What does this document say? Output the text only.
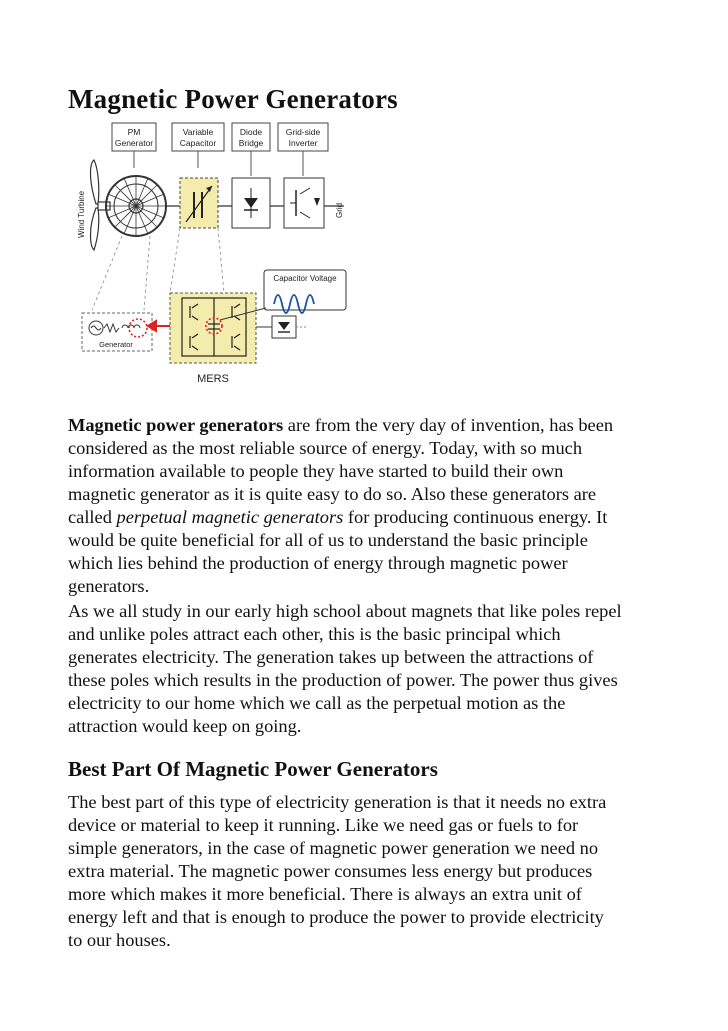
Magnetic Power Generators
PM
Generator
Variable
Capacitor
Diode
Bridge
Grid-side
Inverter
Wind Turbine	Grid
Generator
MERS
Capacitor Voltage

Magnetic power generators are from the very day of invention, has been
considered as the most reliable source of energy. Today, with so much
information available to people they have started to build their own
magnetic generator as it is quite easy to do so. Also these generators are
called perpetual magnetic generators for producing continuous energy. It
would be quite beneficial for all of us to understand the basic principle
which lies behind the production of energy through magnetic power
generators.

As we all study in our early high school about magnets that like poles repel
and unlike poles attract each other, this is the basic principal which
generates electricity. The generation takes up between the attractions of
these poles which results in the production of power. The power thus gives
electricity to our home which we call as the perpetual motion as the
attraction would keep on going.

Best Part Of Magnetic Power Generators

The best part of this type of electricity generation is that it needs no extra
device or material to keep it running. Like we need gas or fuels to for
simple generators, in the case of magnetic power generation we need no
extra material. The magnetic power consumes less energy but produces
more which makes it more beneficial. There is always an extra unit of
energy left and that is enough to produce the power to provide electricity
to our houses.
